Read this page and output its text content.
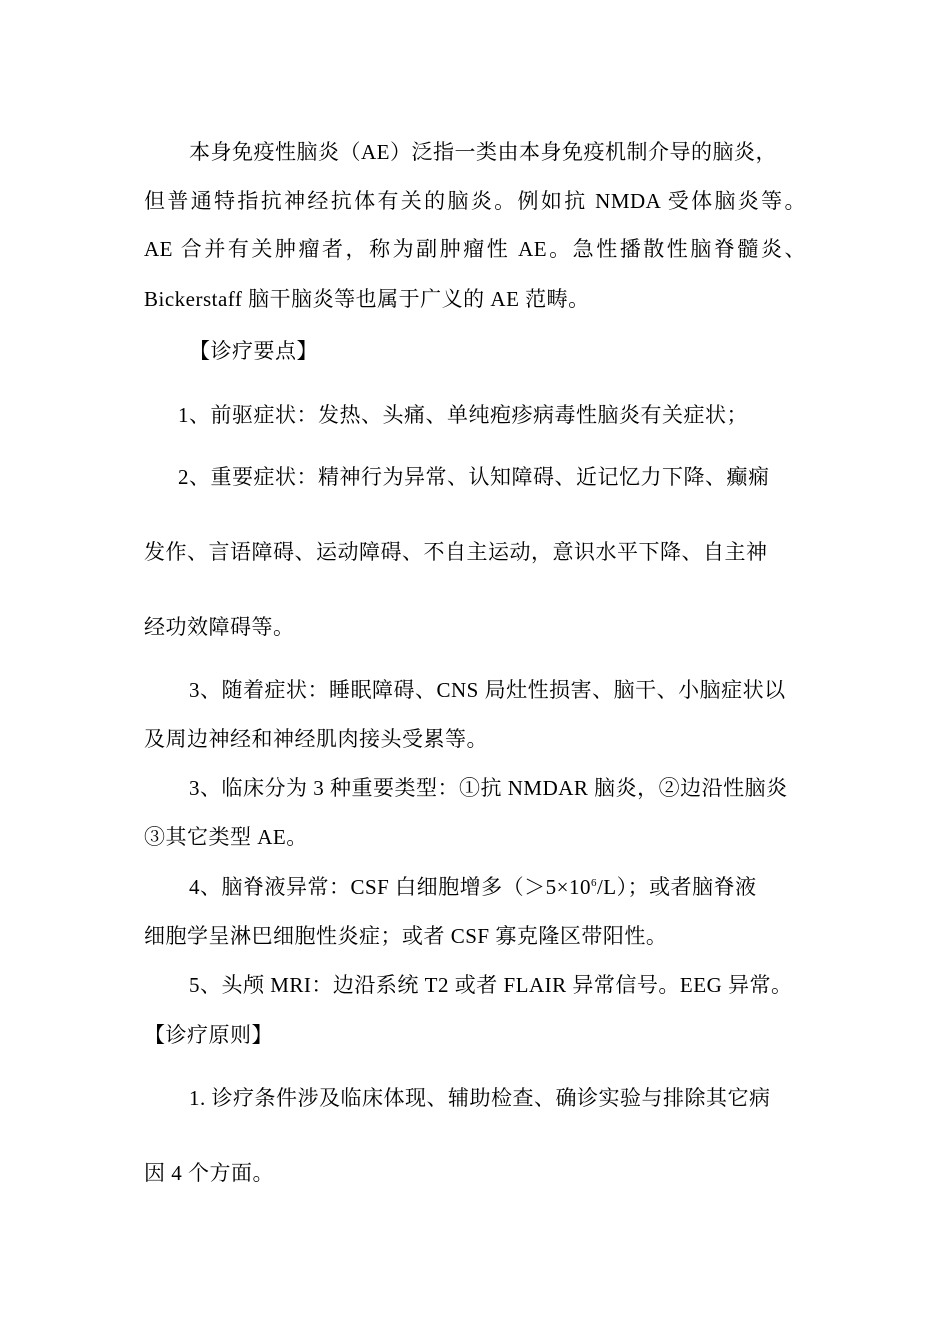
本身免疫性脑炎（AE）泛指一类由本身免疫机制介导的脑炎，
但普通特指抗神经抗体有关的脑炎。例如抗 NMDA 受体脑炎等。
AE 合并有关肿瘤者，称为副肿瘤性 AE。急性播散性脑脊髓炎、
Bickerstaff 脑干脑炎等也属于广义的 AE 范畴。
【诊疗要点】
1、前驱症状：发热、头痛、单纯疱疹病毒性脑炎有关症状；
2、重要症状：精神行为异常、认知障碍、近记忆力下降、癫痫
发作、言语障碍、运动障碍、不自主运动，意识水平下降、自主神
经功效障碍等。
3、随着症状：睡眠障碍、CNS 局灶性损害、脑干、小脑症状以
及周边神经和神经肌肉接头受累等。
3、临床分为 3 种重要类型：①抗 NMDAR 脑炎，②边沿性脑炎
③其它类型 AE。
4、脑脊液异常：CSF 白细胞增多$(>5\times 10^6/L)$；或者脑脊液
细胞学呈淋巴细胞性炎症；或者 CSF 寡克隆区带阳性。
5、头颅 MRI：边沿系统 T2 或者 FLAIR 异常信号。EEG 异常。
【诊疗原则】
1. 诊疗条件涉及临床体现、辅助检查、确诊实验与排除其它病
因 4 个方面。
